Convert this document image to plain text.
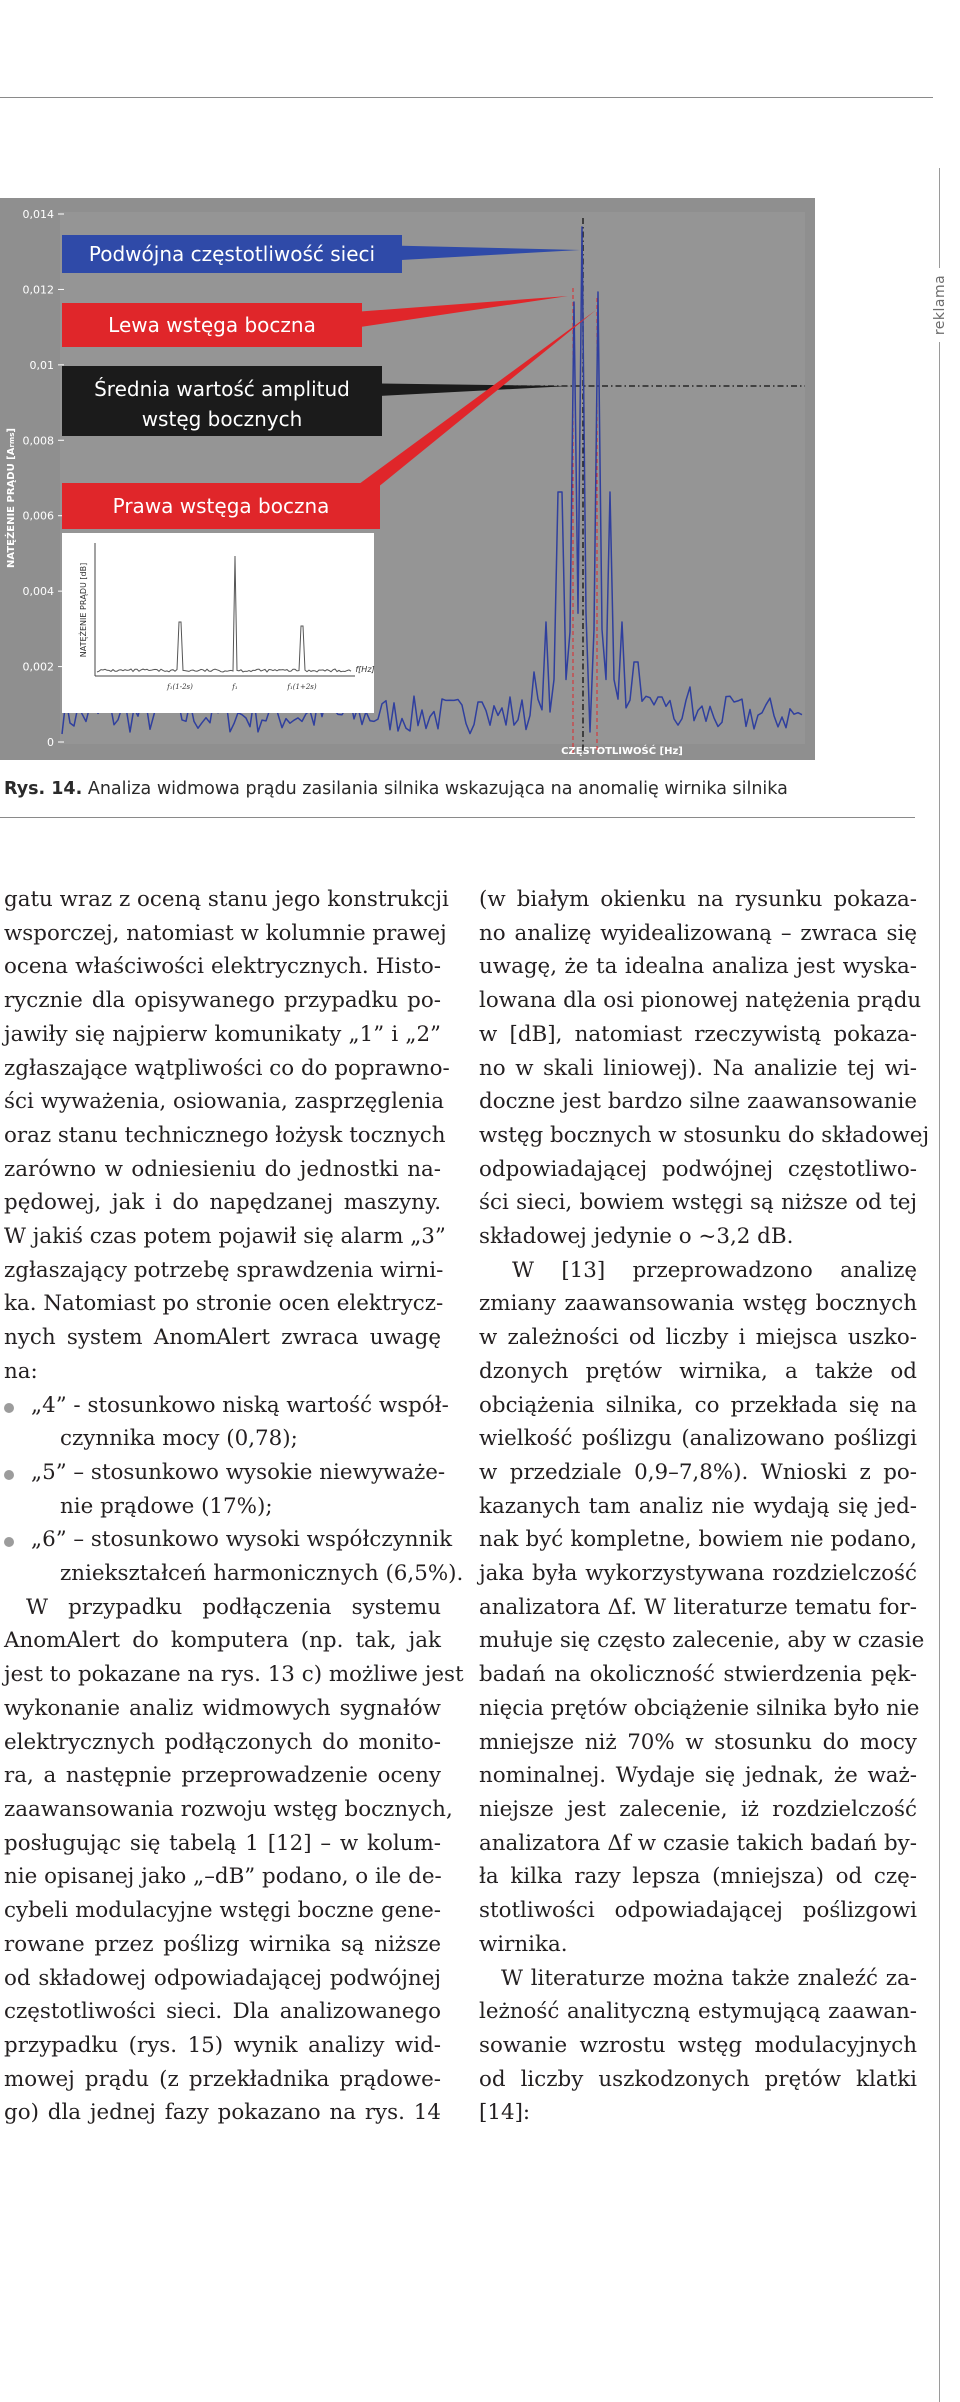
reklama
0,014
0,012
0,01
0,008
0,006
0,004
0,002
0
NATĘŻENIE PRĄDU [Arms]
CZĘSTOTLIWOŚĆ [Hz]
Podwójna częstotliwość sieci
Lewa wstęga boczna
Średnia wartość amplitud
wstęg bocznych
Prawa wstęga boczna
NATĘŻENIE PRĄDU [dB]
f[Hz]
f₁(1-2s)	f₁	f₁(1+2s)
Rys. 14. Analiza widmowa prądu zasilania silnika wskazująca na anomalię wirnika silnika

gatu wraz z oceną stanu jego konstrukcji

wsporczej, natomiast w kolumnie prawej

ocena właściwości elektrycznych. Histo-

rycznie dla opisywanego przypadku po-

jawiły się najpierw komunikaty „1” i „2”

zgłaszające wątpliwości co do poprawno-

ści wyważenia, osiowania, zasprzęglenia

oraz stanu technicznego łożysk tocznych

zarówno w odniesieniu do jednostki na-

pędowej, jak i do napędzanej maszyny.

W jakiś czas potem pojawił się alarm „3”

zgłaszający potrzebę sprawdzenia wirni-

ka. Natomiast po stronie ocen elektrycz-

nych system AnomAlert zwraca uwagę

na:

„4” - stosunkowo niską wartość współ-

czynnika mocy (0,78);

„5” – stosunkowo wysokie niewyważe-

nie prądowe (17%);

„6” – stosunkowo wysoki współczynnik

zniekształceń harmonicznych (6,5%).

W przypadku podłączenia systemu

AnomAlert do komputera (np. tak, jak

jest to pokazane na rys. 13 c) możliwe jest

wykonanie analiz widmowych sygnałów

elektrycznych podłączonych do monito-

ra, a następnie przeprowadzenie oceny

zaawansowania rozwoju wstęg bocznych,

posługując się tabelą 1 [12] – w kolum-

nie opisanej jako „–dB” podano, o ile de-

cybeli modulacyjne wstęgi boczne gene-

rowane przez poślizg wirnika są niższe

od składowej odpowiadającej podwójnej

częstotliwości sieci. Dla analizowanego

przypadku (rys. 15) wynik analizy wid-

mowej prądu (z przekładnika prądowe-

go) dla jednej fazy pokazano na rys. 14

(w białym okienku na rysunku pokaza-

no analizę wyidealizowaną – zwraca się

uwagę, że ta idealna analiza jest wyska-

lowana dla osi pionowej natężenia prądu

w [dB], natomiast rzeczywistą pokaza-

no w skali liniowej). Na analizie tej wi-

doczne jest bardzo silne zaawansowanie

wstęg bocznych w stosunku do składowej

odpowiadającej podwójnej częstotliwo-

ści sieci, bowiem wstęgi są niższe od tej

składowej jedynie o ~3,2 dB.

W [13] przeprowadzono analizę

zmiany zaawansowania wstęg bocznych

w zależności od liczby i miejsca uszko-

dzonych prętów wirnika, a także od

obciążenia silnika, co przekłada się na

wielkość poślizgu (analizowano poślizgi

w przedziale 0,9–7,8%). Wnioski z po-

kazanych tam analiz nie wydają się jed-

nak być kompletne, bowiem nie podano,

jaka była wykorzystywana rozdzielczość

analizatora Δf. W literaturze tematu for-

mułuje się często zalecenie, aby w czasie

badań na okoliczność stwierdzenia pęk-

nięcia prętów obciążenie silnika było nie

mniejsze niż 70% w stosunku do mocy

nominalnej. Wydaje się jednak, że waż-

niejsze jest zalecenie, iż rozdzielczość

analizatora Δf w czasie takich badań by-

ła kilka razy lepsza (mniejsza) od czę-

stotliwości odpowiadającej poślizgowi

wirnika.

W literaturze można także znaleźć za-

leżność analityczną estymującą zaawan-

sowanie wzrostu wstęg modulacyjnych

od liczby uszkodzonych prętów klatki

[14]:
